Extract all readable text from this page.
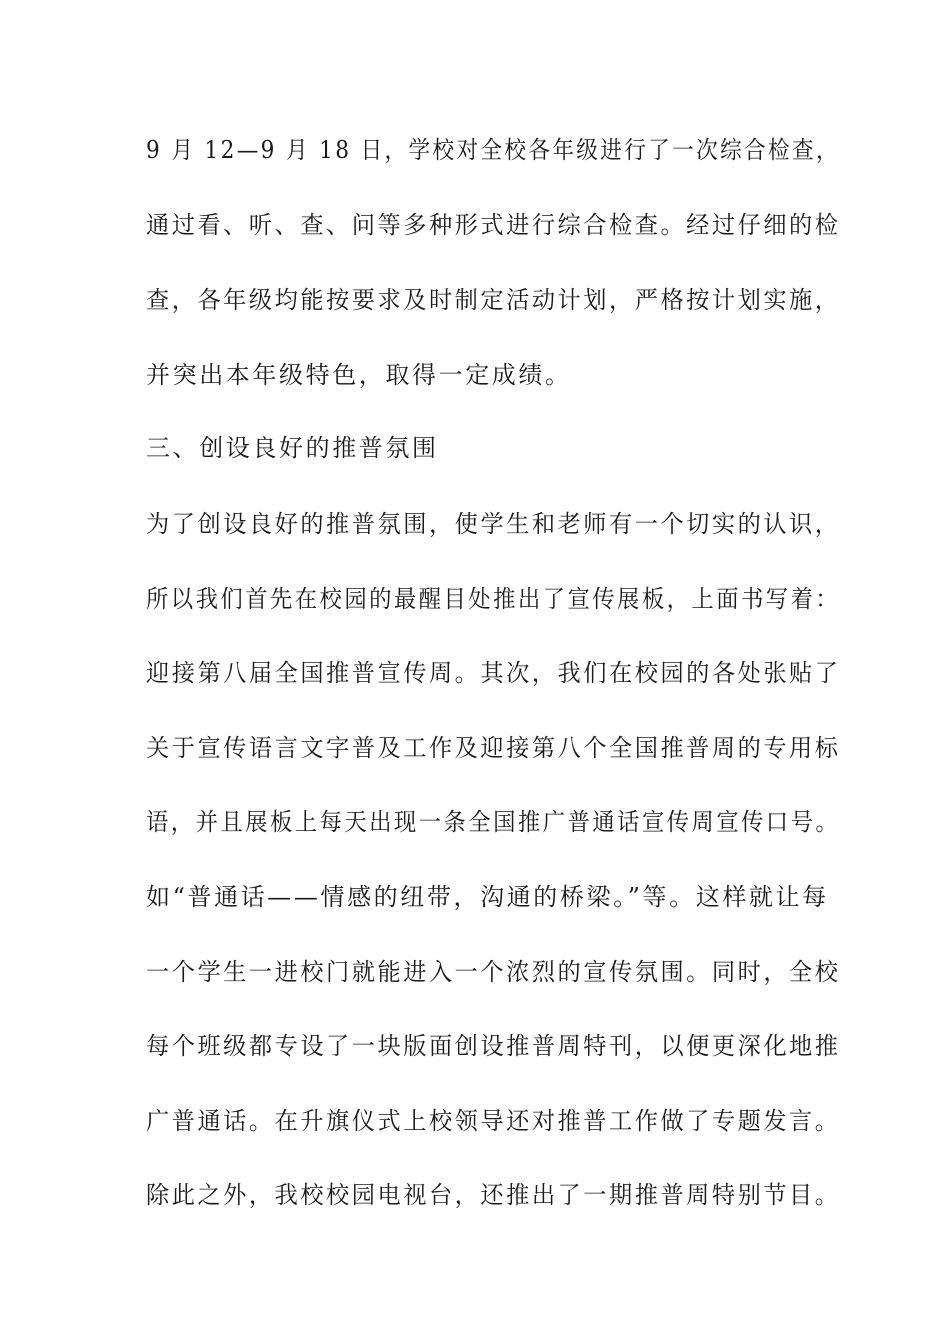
9 月 12—9 月 18 日，学校对全校各年级进行了一次综合检查，
通过看、听、查、问等多种形式进行综合检查。经过仔细的检
查，各年级均能按要求及时制定活动计划，严格按计划实施，
并突出本年级特色，取得一定成绩。
三、创设良好的推普氛围
为了创设良好的推普氛围，使学生和老师有一个切实的认识，
所以我们首先在校园的最醒目处推出了宣传展板，上面书写着：
迎接第八届全国推普宣传周。其次，我们在校园的各处张贴了
关于宣传语言文字普及工作及迎接第八个全国推普周的专用标
语，并且展板上每天出现一条全国推广普通话宣传周宣传口号。
如“普通话——情感的纽带，沟通的桥梁。”等。这样就让每
一个学生一进校门就能进入一个浓烈的宣传氛围。同时，全校
每个班级都专设了一块版面创设推普周特刊，以便更深化地推
广普通话。在升旗仪式上校领导还对推普工作做了专题发言。
除此之外，我校校园电视台，还推出了一期推普周特别节目。
